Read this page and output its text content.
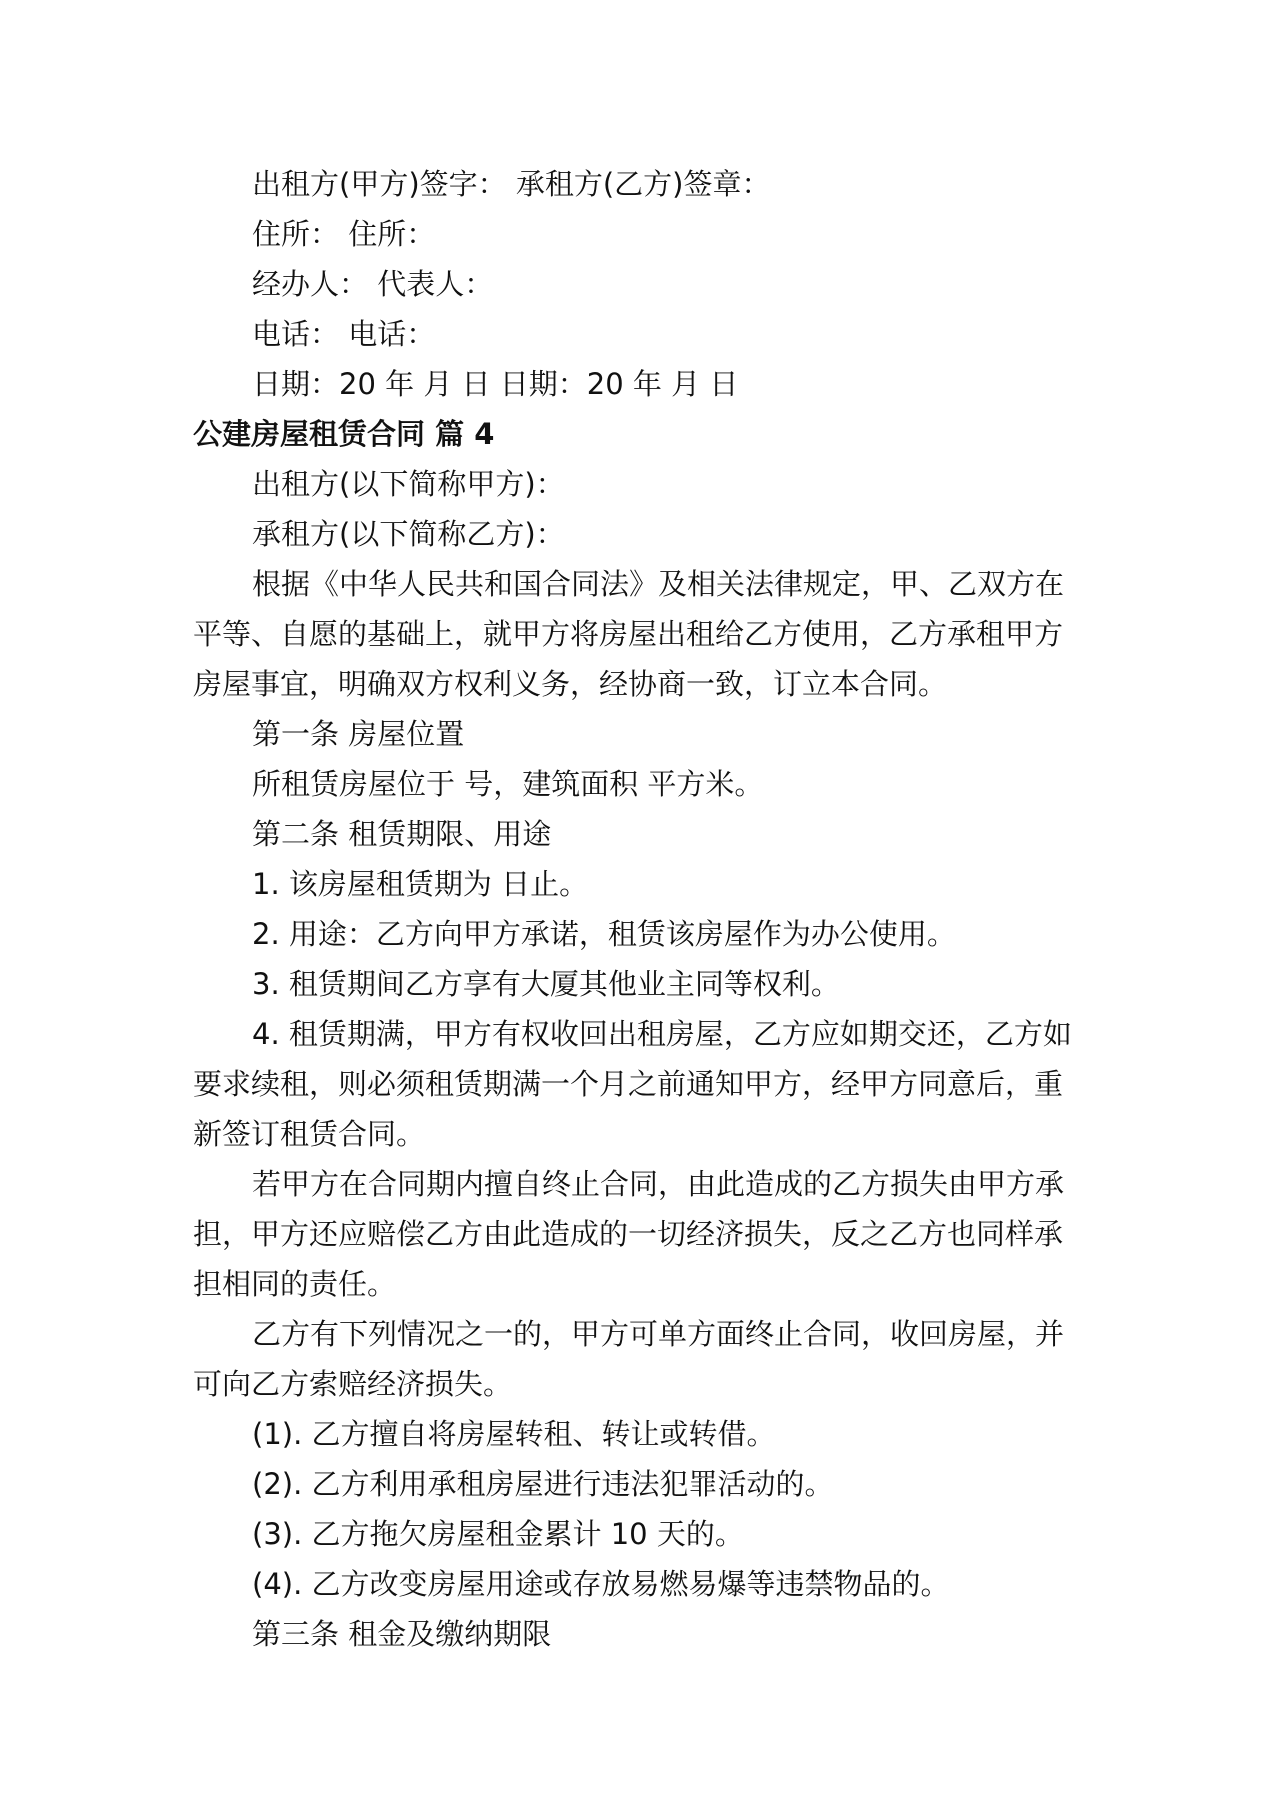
出租方(甲方)签字： 承租方(乙方)签章：

住所： 住所：

经办人： 代表人：

电话： 电话：

日期：20 年 月 日 日期：20 年 月 日

公建房屋租赁合同 篇 4

出租方(以下简称甲方)：

承租方(以下简称乙方)：

根据《中华人民共和国合同法》及相关法律规定，甲、乙双方在

平等、自愿的基础上，就甲方将房屋出租给乙方使用，乙方承租甲方

房屋事宜，明确双方权利义务，经协商一致，订立本合同。

第一条 房屋位置

所租赁房屋位于 号，建筑面积 平方米。

第二条 租赁期限、用途

1. 该房屋租赁期为 日止。

2. 用途：乙方向甲方承诺，租赁该房屋作为办公使用。

3. 租赁期间乙方享有大厦其他业主同等权利。

4. 租赁期满，甲方有权收回出租房屋，乙方应如期交还，乙方如

要求续租，则必须租赁期满一个月之前通知甲方，经甲方同意后，重

新签订租赁合同。

若甲方在合同期内擅自终止合同，由此造成的乙方损失由甲方承

担，甲方还应赔偿乙方由此造成的一切经济损失，反之乙方也同样承

担相同的责任。

乙方有下列情况之一的，甲方可单方面终止合同，收回房屋，并

可向乙方索赔经济损失。

(1). 乙方擅自将房屋转租、转让或转借。

(2). 乙方利用承租房屋进行违法犯罪活动的。

(3). 乙方拖欠房屋租金累计 10 天的。

(4). 乙方改变房屋用途或存放易燃易爆等违禁物品的。

第三条 租金及缴纳期限
